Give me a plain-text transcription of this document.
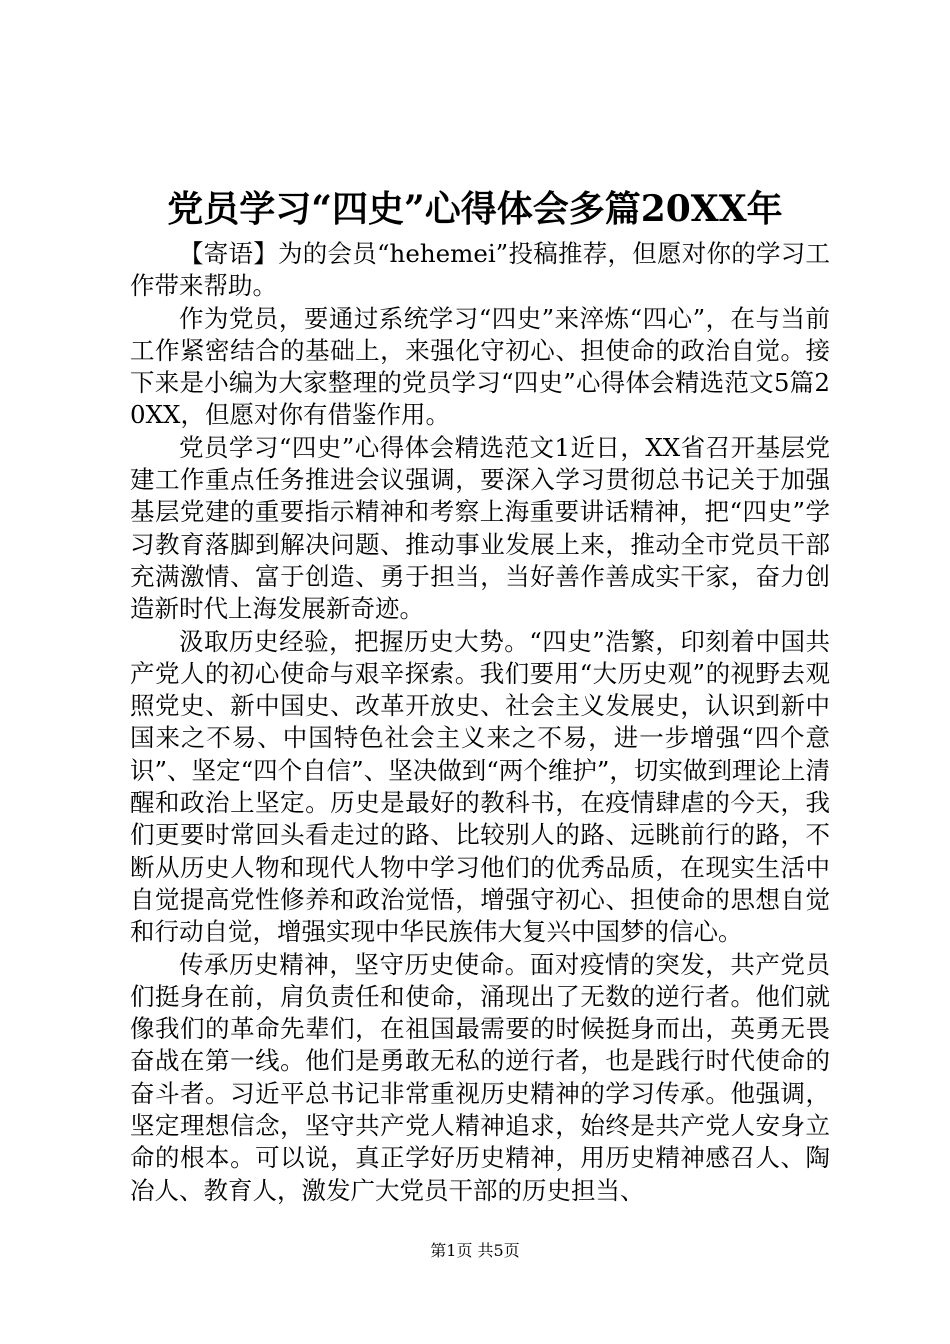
党员学习“四史”心得体会多篇20XX年

【寄语】为的会员“hehemei”投稿推荐，但愿对你的学习工作带来帮助。

作为党员，要通过系统学习“四史”来淬炼“四心”，在与当前工作紧密结合的基础上，来强化守初心、担使命的政治自觉。接下来是小编为大家整理的党员学习“四史”心得体会精选范文5篇20XX，但愿对你有借鉴作用。

党员学习“四史”心得体会精选范文1近日，XX省召开基层党建工作重点任务推进会议强调，要深入学习贯彻总书记关于加强基层党建的重要指示精神和考察上海重要讲话精神，把“四史”学习教育落脚到解决问题、推动事业发展上来，推动全市党员干部充满激情、富于创造、勇于担当，当好善作善成实干家，奋力创造新时代上海发展新奇迹。

汲取历史经验，把握历史大势。“四史”浩繁，印刻着中国共产党人的初心使命与艰辛探索。我们要用“大历史观”的视野去观照党史、新中国史、改革开放史、社会主义发展史，认识到新中国来之不易、中国特色社会主义来之不易，进一步增强“四个意识”、坚定“四个自信”、坚决做到“两个维护”，切实做到理论上清醒和政治上坚定。历史是最好的教科书，在疫情肆虐的今天，我们更要时常回头看走过的路、比较别人的路、远眺前行的路，不断从历史人物和现代人物中学习他们的优秀品质，在现实生活中自觉提高党性修养和政治觉悟，增强守初心、担使命的思想自觉和行动自觉，增强实现中华民族伟大复兴中国梦的信心。

传承历史精神，坚守历史使命。面对疫情的突发，共产党员们挺身在前，肩负责任和使命，涌现出了无数的逆行者。他们就像我们的革命先辈们，在祖国最需要的时候挺身而出，英勇无畏奋战在第一线。他们是勇敢无私的逆行者，也是践行时代使命的奋斗者。习近平总书记非常重视历史精神的学习传承。他强调，坚定理想信念，坚守共产党人精神追求，始终是共产党人安身立命的根本。可以说，真正学好历史精神，用历史精神感召人、陶冶人、教育人，激发广大党员干部的历史担当、

第1页 共5页
